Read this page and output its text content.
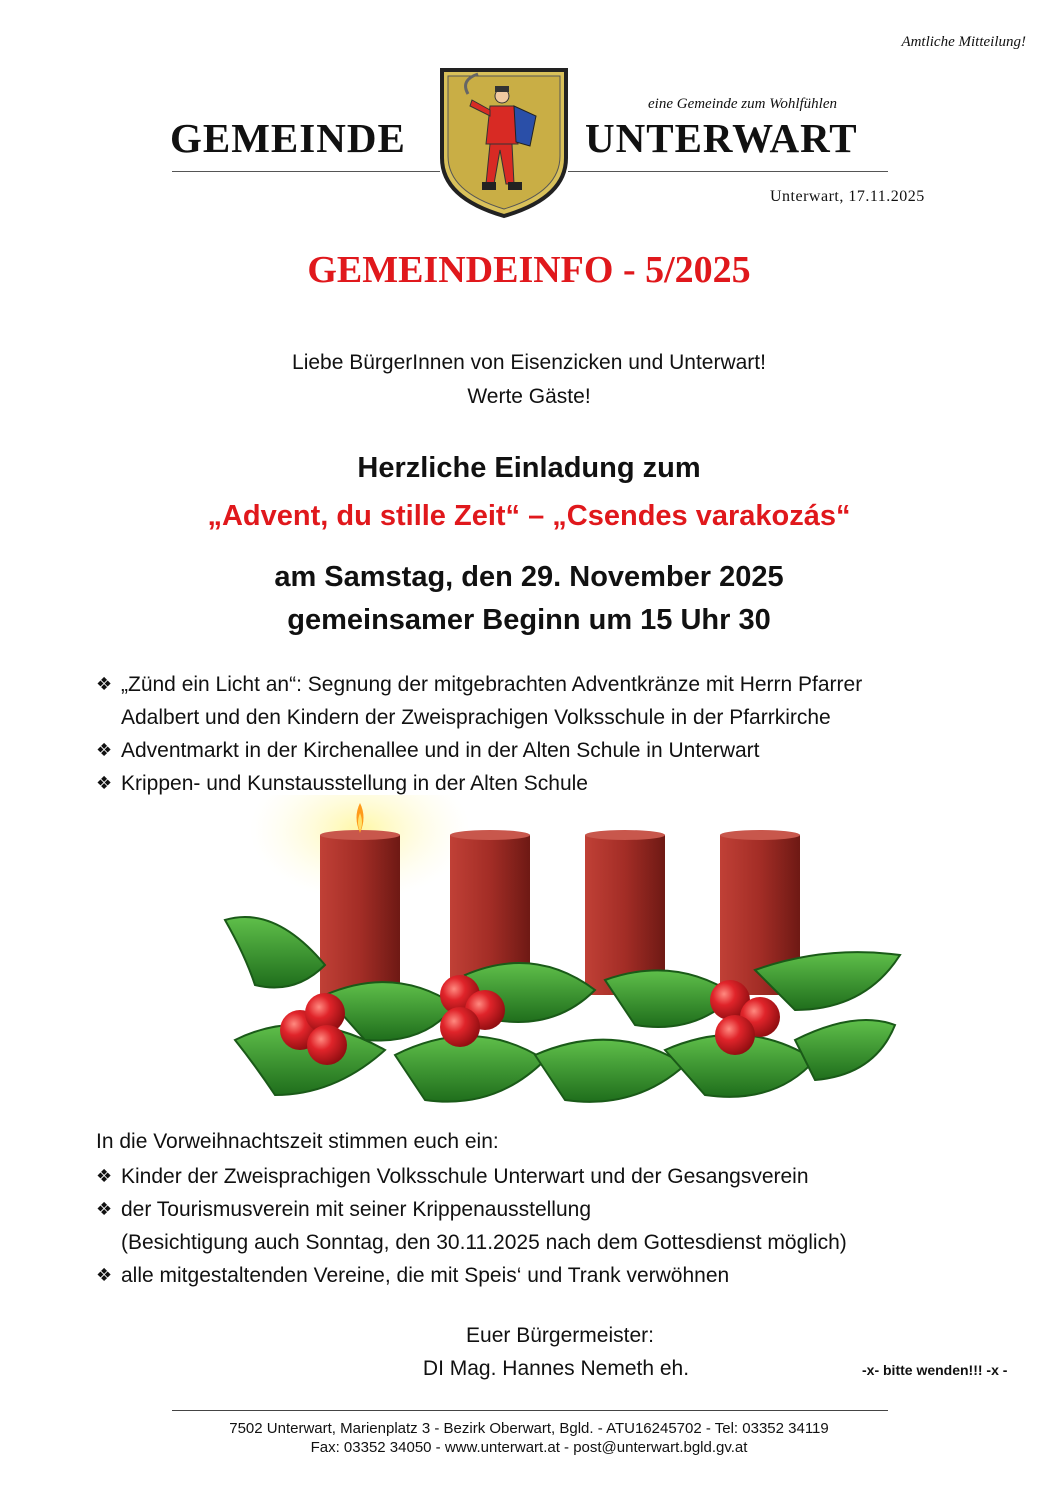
Amtliche Mitteilung!
eine Gemeinde zum Wohlfühlen
GEMEINDE	UNTERWART
Unterwart, 17.11.2025
GEMEINDEINFO - 5/2025
Liebe BürgerInnen von Eisenzicken und Unterwart!
Werte Gäste!
Herzliche Einladung zum
„Advent, du stille Zeit“ – „Csendes varakozás“
am Samstag, den 29. November 2025
gemeinsamer Beginn um 15 Uhr 30
❖ „Zünd ein Licht an“: Segnung der mitgebrachten Adventkränze mit Herrn Pfarrer
Adalbert und den Kindern der Zweisprachigen Volksschule in der Pfarrkirche
❖ Adventmarkt in der Kirchenallee und in der Alten Schule in Unterwart
❖ Krippen- und Kunstausstellung in der Alten Schule
In die Vorweihnachtszeit stimmen euch ein:
❖ Kinder der Zweisprachigen Volksschule Unterwart und der Gesangsverein
❖ der Tourismusverein mit seiner Krippenausstellung
(Besichtigung auch Sonntag, den 30.11.2025 nach dem Gottesdienst möglich)
❖ alle mitgestaltenden Vereine, die mit Speis‘ und Trank verwöhnen
Euer Bürgermeister:
DI Mag. Hannes Nemeth eh.	-x- bitte wenden!!! -x -
7502 Unterwart, Marienplatz 3 - Bezirk Oberwart, Bgld. - ATU16245702 - Tel: 03352 34119
Fax: 03352 34050 - www.unterwart.at - post@unterwart.bgld.gv.at
